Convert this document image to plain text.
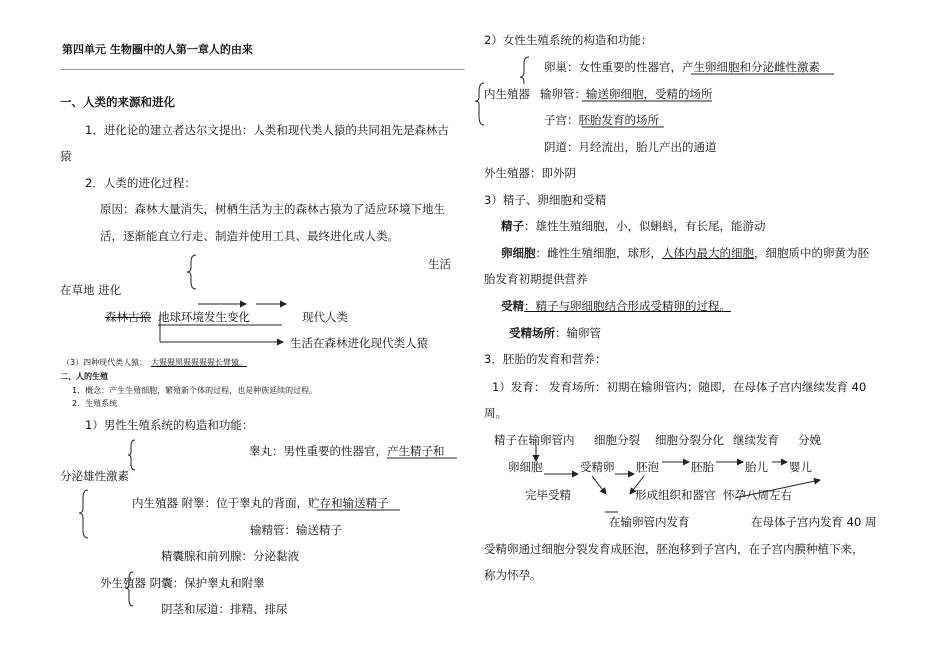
第四单元 生物圈中的人第一章人的由来
一、人类的来源和进化
1．进化论的建立者达尔文提出：人类和现代类人猿的共同祖先是森林古
猿
2．人类的进化过程：
原因：森林大量消失，树栖生活为主的森林古猿为了适应环境下地生
活，逐渐能直立行走、制造并使用工具、最终进化成人类。
生活
在草地 进化
森林古猿 地球环境发生变化	现代人类
生活在森林进化现代类人猿
（3）四种现代类人猿： 大猩猩黑猩猩猩猩长臂猿。
二、人的生殖
1．概念：产生生殖细胞，繁殖新个体的过程，也是种族延续的过程。
2．生殖系统
1）男性生殖系统的构造和功能：
睾丸：男性重要的性器官，产生精子和
分泌雄性激素
内生殖器 附睾：位于睾丸的背面，贮存和输送精子
输精管：输送精子
精囊腺和前列腺：分泌黏液
外生殖器 阴囊：保护睾丸和附睾
阴茎和尿道：排精、排尿
2）女性生殖系统的构造和功能：
卵巢：女性重要的性器官，产生卵细胞和分泌雌性激素
内生殖器 输卵管：输送卵细胞，受精的场所
子宫：胚胎发育的场所
阴道：月经流出，胎儿产出的通道
外生殖器：即外阴
3）精子、卵细胞和受精
精子：雄性生殖细胞，小，似蝌蚪，有长尾，能游动
卵细胞：雌性生殖细胞，球形，人体内最大的细胞，细胞质中的卵黄为胚
胎发育初期提供营养
受精：精子与卵细胞结合形成受精卵的过程。
受精场所：输卵管
3．胚胎的发育和营养：
1）发育： 发育场所：初期在输卵管内；随即，在母体子宫内继续发育 40
周。
精子在输卵管内 细胞分裂 细胞分裂分化 继续发育 分娩
卵细胞	受精卵 胚泡	胚胎	胎儿 婴儿
完毕受精	形成组织和器官 怀孕八周左右
在输卵管内发育	在母体子宫内发育 40 周
受精卵通过细胞分裂发育成胚泡，胚泡移到子宫内，在子宫内膜种植下来，
称为怀孕。
